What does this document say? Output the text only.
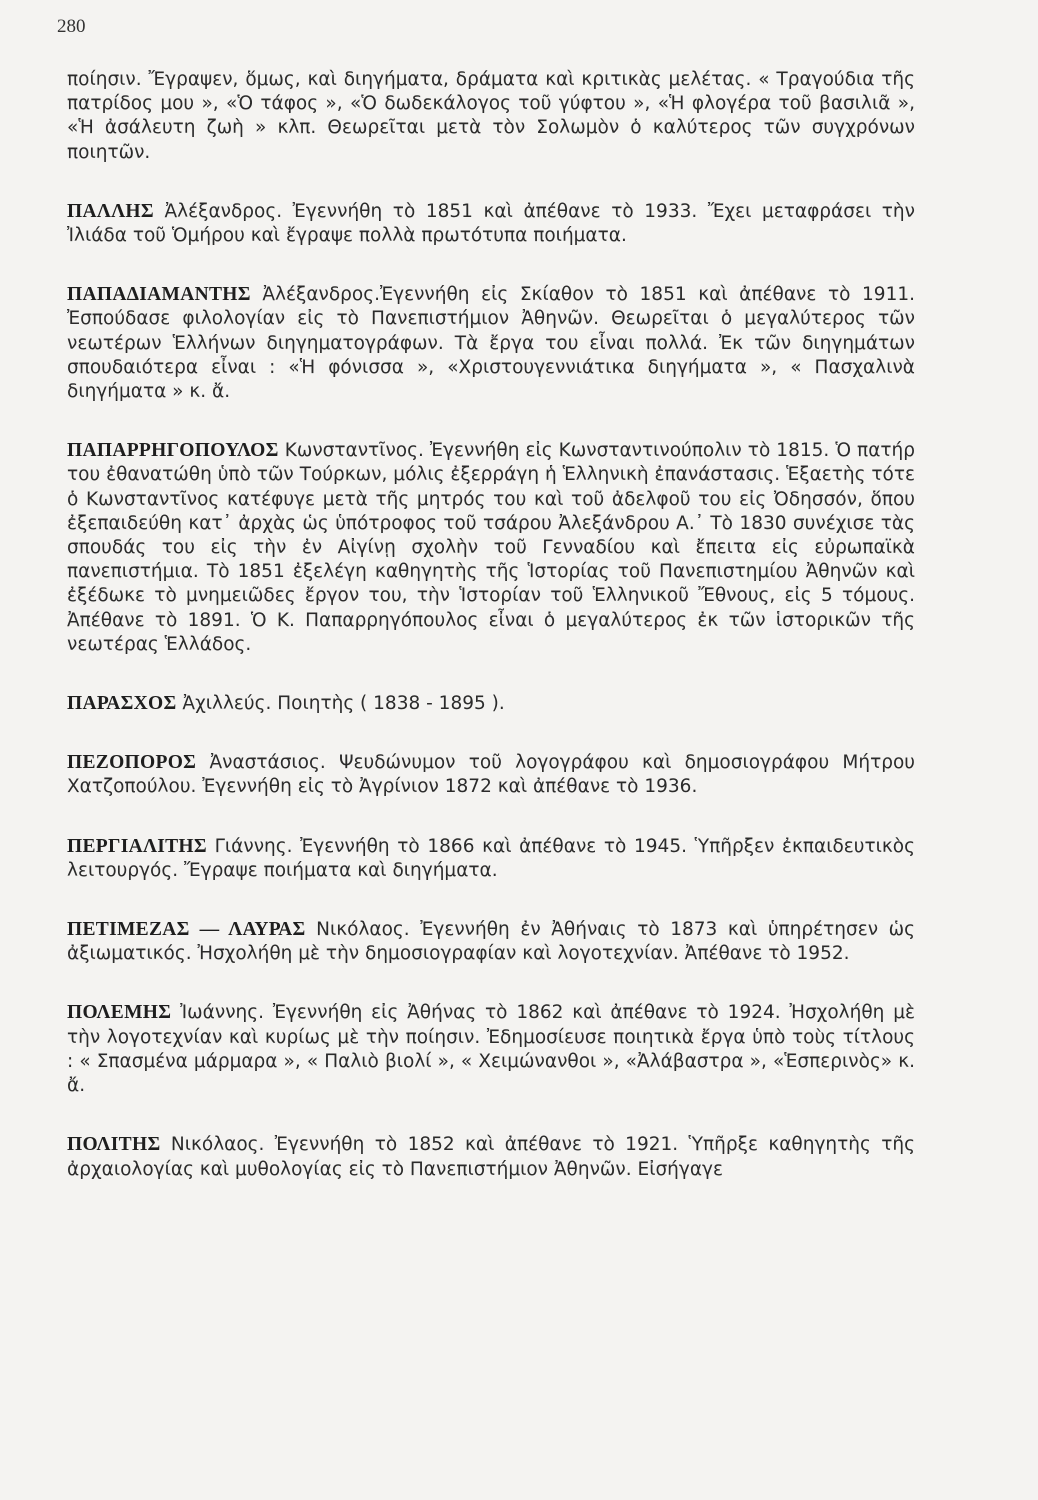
280

ποίησιν. Ἔγραψεν, ὅμως, καὶ διηγήματα, δράματα καὶ κριτικὰς μελέτας. « Τραγούδια τῆς πατρίδος μου », «Ὁ τάφος », «Ὁ δωδεκάλογος τοῦ γύφτου », «Ἡ φλογέρα τοῦ βασιλιᾶ », «Ἡ ἀσάλευτη ζωὴ » κλπ. Θεωρεῖται μετὰ τὸν Σολωμὸν ὁ καλύτερος τῶν συγχρόνων ποιητῶν.

ΠΑΛΛΗΣ Ἀλέξανδρος. Ἐγεννήθη τὸ 1851 καὶ ἀπέθανε τὸ 1933. Ἔχει μεταφράσει τὴν Ἰλιάδα τοῦ Ὁμήρου καὶ ἔγραψε πολλὰ πρωτότυπα ποιήματα.

ΠΑΠΑΔΙΑΜΑΝΤΗΣ Ἀλέξανδρος.Ἐγεννήθη εἰς Σκίαθον τὸ 1851 καὶ ἀπέθανε τὸ 1911. Ἐσπούδασε φιλολογίαν εἰς τὸ Πανεπιστήμιον Ἀθηνῶν. Θεωρεῖται ὁ μεγαλύτερος τῶν νεωτέρων Ἑλλήνων διηγηματογράφων. Τὰ ἔργα του εἶναι πολλά. Ἐκ τῶν διηγημάτων σπουδαιότερα εἶναι : «Ἡ φόνισσα », «Χριστουγεννιάτικα διηγήματα », « Πασχαλινὰ διηγήματα » κ. ἄ.

ΠΑΠΑΡΡΗΓΟΠΟΥΛΟΣ Κωνσταντῖνος. Ἐγεννήθη εἰς Κωνσταντινούπολιν τὸ 1815. Ὁ πατήρ του ἐθανατώθη ὑπὸ τῶν Τούρκων, μόλις ἐξερράγη ἡ Ἑλληνικὴ ἐπανάστασις. Ἑξαετὴς τότε ὁ Κωνσταντῖνος κατέφυγε μετὰ τῆς μητρός του καὶ τοῦ ἀδελφοῦ του εἰς Ὀδησσόν, ὅπου ἐξεπαιδεύθη κατ᾽ ἀρχὰς ὡς ὑπότροφος τοῦ τσάρου Ἀλεξάνδρου Α.᾽ Τὸ 1830 συνέχισε τὰς σπουδάς του εἰς τὴν ἐν Αἰγίνῃ σχολὴν τοῦ Γενναδίου καὶ ἔπειτα εἰς εὐρωπαϊκὰ πανεπιστήμια. Τὸ 1851 ἐξελέγη καθηγητὴς τῆς Ἱστορίας τοῦ Πανεπιστημίου Ἀθηνῶν καὶ ἐξέδωκε τὸ μνημειῶδες ἔργον του, τὴν Ἱστορίαν τοῦ Ἑλληνικοῦ Ἔθνους, εἰς 5 τόμους. Ἀπέθανε τὸ 1891. Ὁ Κ. Παπαρρηγόπουλος εἶναι ὁ μεγαλύτερος ἐκ τῶν ἱστορικῶν τῆς νεωτέρας Ἑλλάδος.

ΠΑΡΑΣΧΟΣ Ἀχιλλεύς. Ποιητὴς ( 1838 - 1895 ).

ΠΕΖΟΠΟΡΟΣ Ἀναστάσιος. Ψευδώνυμον τοῦ λογογράφου καὶ δημοσιογράφου Μήτρου Χατζοπούλου. Ἐγεννήθη εἰς τὸ Ἀγρίνιον 1872 καὶ ἀπέθανε τὸ 1936.

ΠΕΡΓΙΑΛΙΤΗΣ Γιάννης. Ἐγεννήθη τὸ 1866 καὶ ἀπέθανε τὸ 1945. Ὑπῆρξεν ἐκπαιδευτικὸς λειτουργός. Ἔγραψε ποιήματα καὶ διηγήματα.

ΠΕΤΙΜΕΖΑΣ — ΛΑΥΡΑΣ Νικόλαος. Ἐγεννήθη ἐν Ἀθήναις τὸ 1873 καὶ ὑπηρέτησεν ὡς ἀξιωματικός. Ἠσχολήθη μὲ τὴν δημοσιογραφίαν καὶ λογοτεχνίαν. Ἀπέθανε τὸ 1952.

ΠΟΛΕΜΗΣ Ἰωάννης. Ἐγεννήθη εἰς Ἀθήνας τὸ 1862 καὶ ἀπέθανε τὸ 1924. Ἠσχολήθη μὲ τὴν λογοτεχνίαν καὶ κυρίως μὲ τὴν ποίησιν. Ἐδημοσίευσε ποιητικὰ ἔργα ὑπὸ τοὺς τίτλους : « Σπασμένα μάρμαρα », « Παλιὸ βιολί », « Χειμώνανθοι », «Ἀλάβαστρα », «Ἑσπερινὸς» κ. ἄ.

ΠΟΛΙΤΗΣ Νικόλαος. Ἐγεννήθη τὸ 1852 καὶ ἀπέθανε τὸ 1921. Ὑπῆρξε καθηγητὴς τῆς ἀρχαιολογίας καὶ μυθολογίας εἰς τὸ Πανεπιστήμιον Ἀθηνῶν. Εἰσήγαγε
